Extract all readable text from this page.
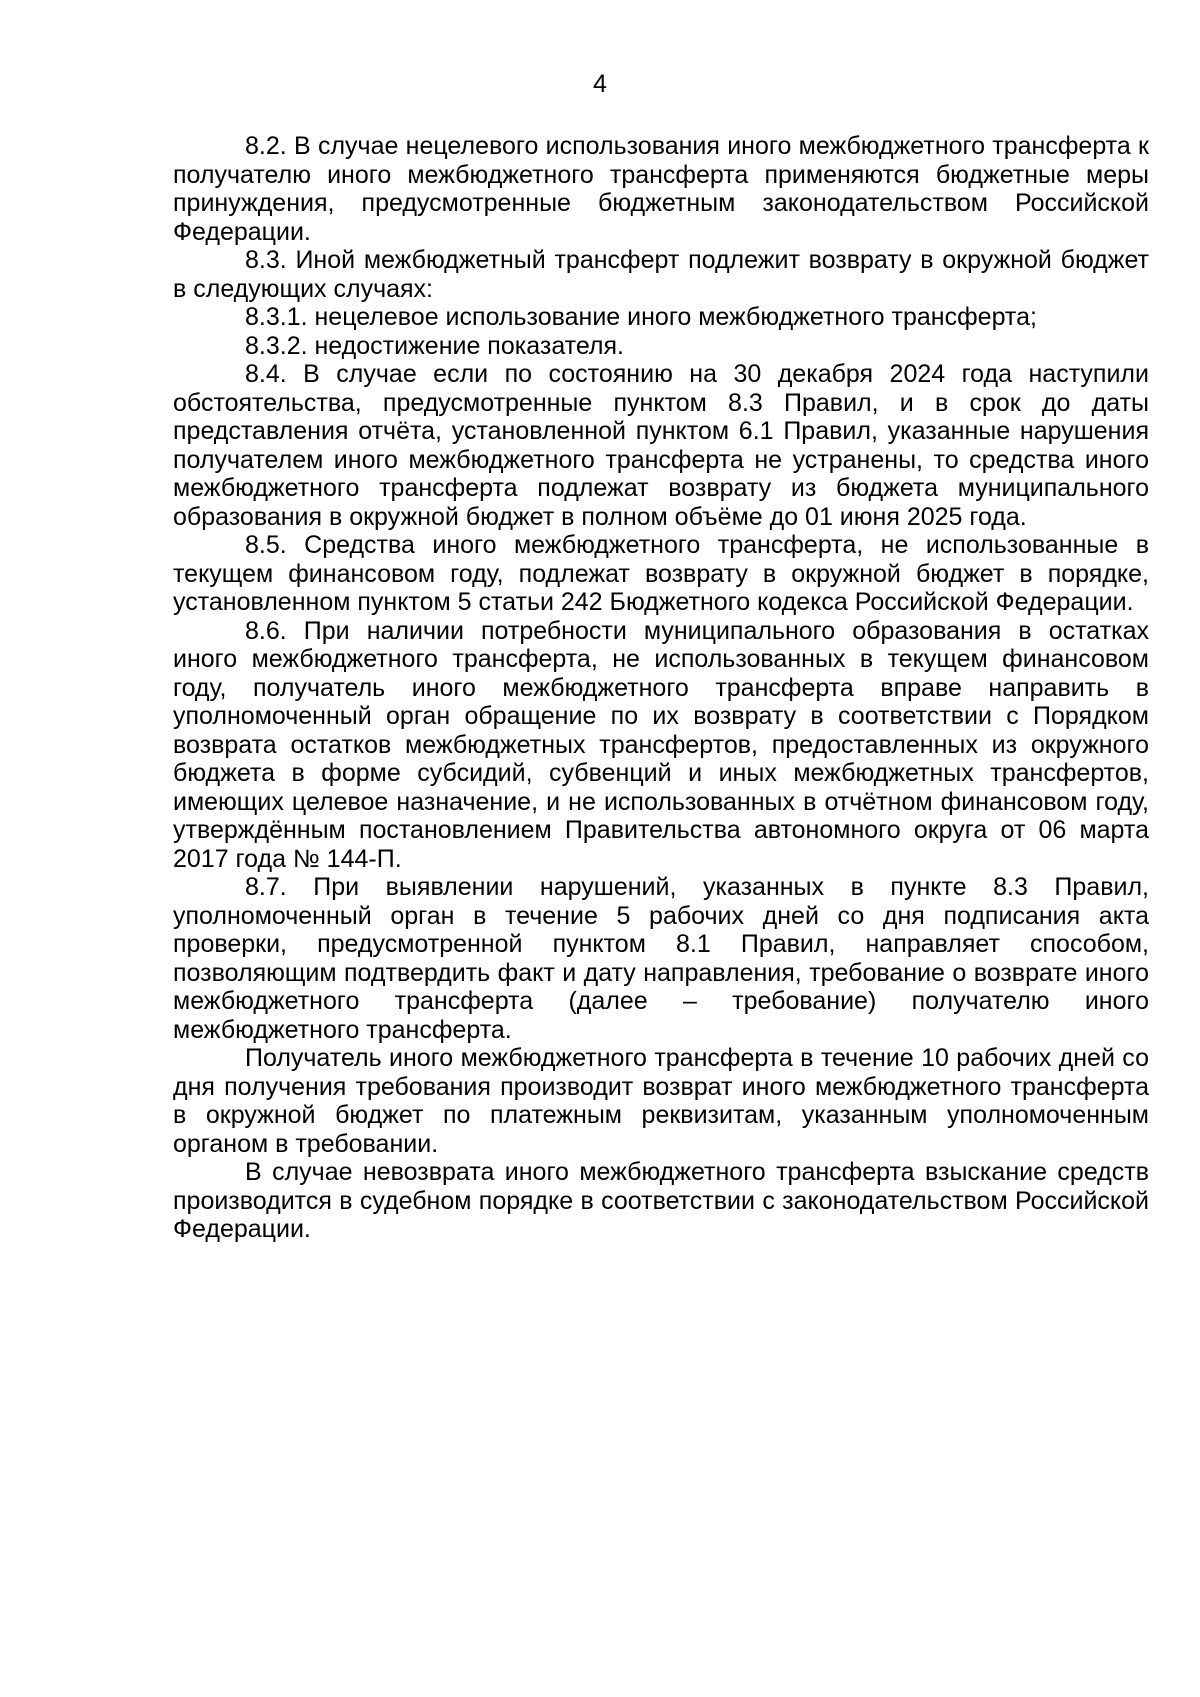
4

8.2. В случае нецелевого использования иного межбюджетного трансферта к получателю иного межбюджетного трансферта применяются бюджетные меры принуждения, предусмотренные бюджетным законодательством Российской Федерации.

8.3. Иной межбюджетный трансферт подлежит возврату в окружной бюджет в следующих случаях:

8.3.1. нецелевое использование иного межбюджетного трансферта;

8.3.2. недостижение показателя.

8.4. В случае если по состоянию на 30 декабря 2024 года наступили обстоятельства, предусмотренные пунктом 8.3 Правил, и в срок до даты представления отчёта, установленной пунктом 6.1 Правил, указанные нарушения получателем иного межбюджетного трансферта не устранены, то средства иного межбюджетного трансферта подлежат возврату из бюджета муниципального образования в окружной бюджет в полном объёме до 01 июня 2025 года.

8.5. Средства иного межбюджетного трансферта, не использованные в текущем финансовом году, подлежат возврату в окружной бюджет в порядке, установленном пунктом 5 статьи 242 Бюджетного кодекса Российской Федерации.

8.6. При наличии потребности муниципального образования в остатках иного межбюджетного трансферта, не использованных в текущем финансовом году, получатель иного межбюджетного трансферта вправе направить в уполномоченный орган обращение по их возврату в соответствии с Порядком возврата остатков межбюджетных трансфертов, предоставленных из окружного бюджета в форме субсидий, субвенций и иных межбюджетных трансфертов, имеющих целевое назначение, и не использованных в отчётном финансовом году, утверждённым постановлением Правительства автономного округа от 06 марта 2017 года № 144-П.

8.7. При выявлении нарушений, указанных в пункте 8.3 Правил, уполномоченный орган в течение 5 рабочих дней со дня подписания акта проверки, предусмотренной пунктом 8.1 Правил, направляет способом, позволяющим подтвердить факт и дату направления, требование о возврате иного межбюджетного трансферта (далее – требование) получателю иного межбюджетного трансферта.

Получатель иного межбюджетного трансферта в течение 10 рабочих дней со дня получения требования производит возврат иного межбюджетного трансферта в окружной бюджет по платежным реквизитам, указанным уполномоченным органом в требовании.

В случае невозврата иного межбюджетного трансферта взыскание средств производится в судебном порядке в соответствии с законодательством Российской Федерации.
